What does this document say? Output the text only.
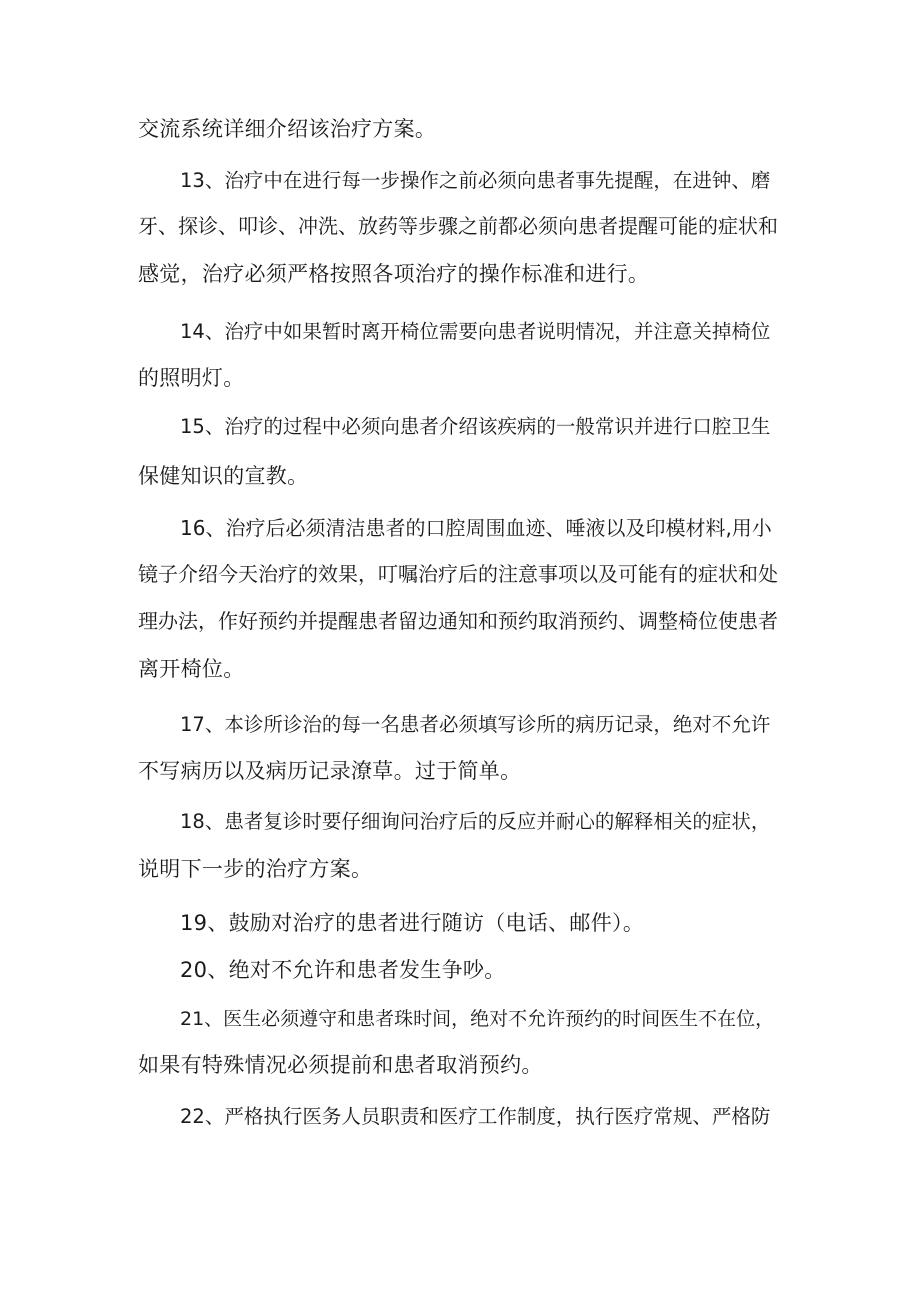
交流系统详细介绍该治疗方案。

13、治疗中在进行每一步操作之前必须向患者事先提醒，在进钟、磨

牙、探诊、叩诊、冲洗、放药等步骤之前都必须向患者提醒可能的症状和

感觉，治疗必须严格按照各项治疗的操作标准和进行。

14、治疗中如果暂时离开椅位需要向患者说明情况，并注意关掉椅位

的照明灯。

15、治疗的过程中必须向患者介绍该疾病的一般常识并进行口腔卫生

保健知识的宣教。

16、治疗后必须清洁患者的口腔周围血迹、唾液以及印模材料,用小

镜子介绍今天治疗的效果，叮嘱治疗后的注意事项以及可能有的症状和处

理办法，作好预约并提醒患者留边通知和预约取消预约、调整椅位使患者

离开椅位。

17、本诊所诊治的每一名患者必须填写诊所的病历记录，绝对不允许

不写病历以及病历记录潦草。过于简单。

18、患者复诊时要仔细询问治疗后的反应并耐心的解释相关的症状，

说明下一步的治疗方案。

19、鼓励对治疗的患者进行随访（电话、邮件）。

20、绝对不允许和患者发生争吵。

21、医生必须遵守和患者珠时间，绝对不允许预约的时间医生不在位，

如果有特殊情况必须提前和患者取消预约。

22、严格执行医务人员职责和医疗工作制度，执行医疗常规、严格防
